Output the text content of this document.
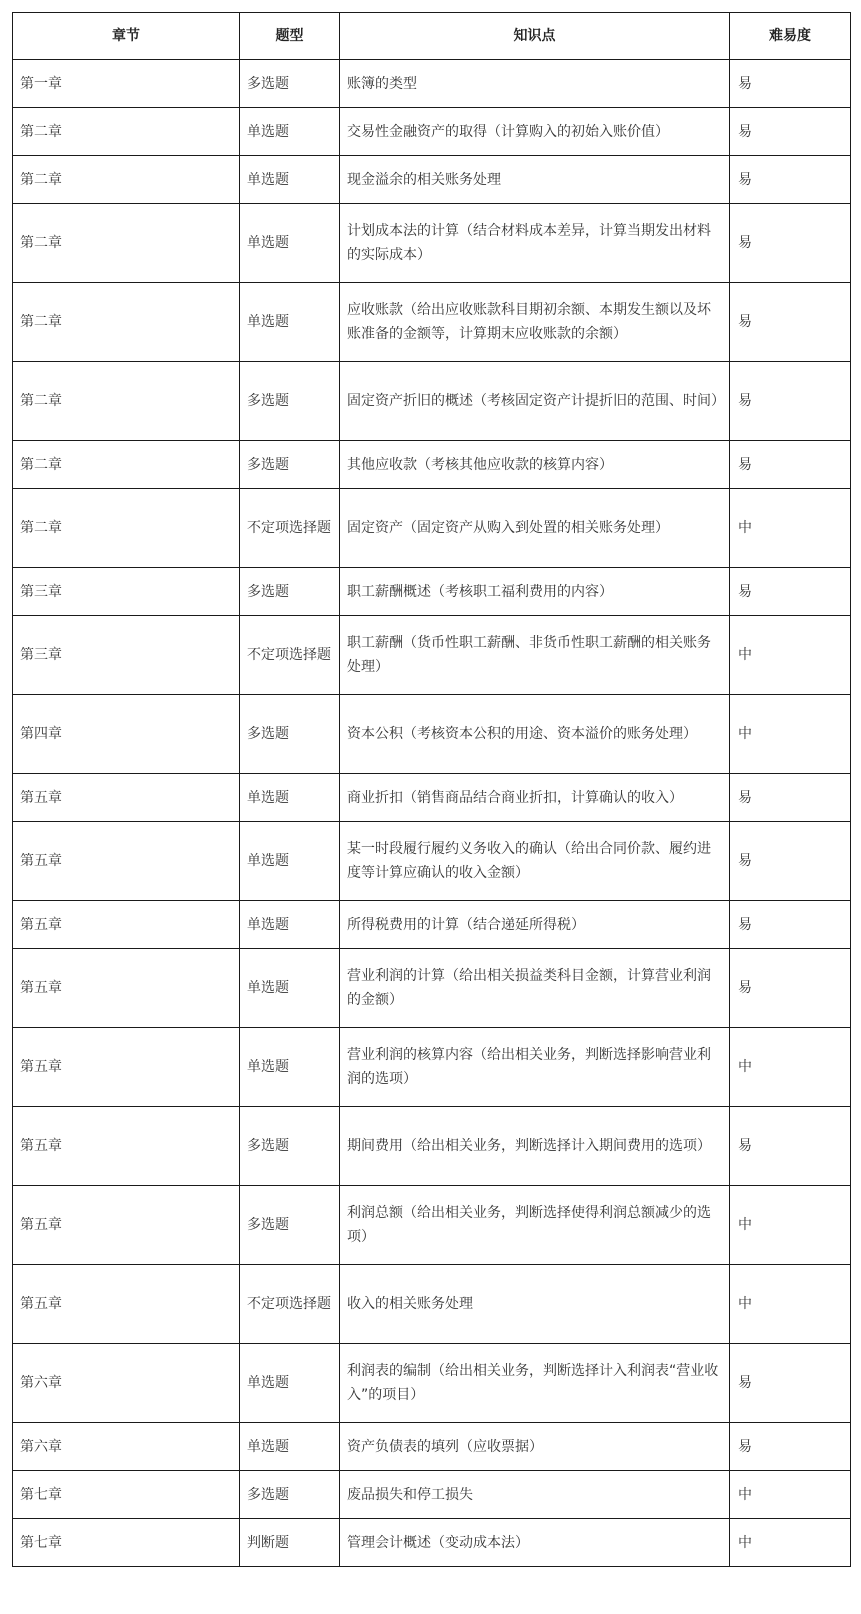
章节	题型	知识点	难易度
第一章	多选题	账簿的类型	易
第二章	单选题	交易性金融资产的取得（计算购入的初始入账价值）	易
第二章	单选题	现金溢余的相关账务处理	易
第二章	单选题	计划成本法的计算（结合材料成本差异，计算当期发出材料的实际成本）	易
第二章	单选题	应收账款（给出应收账款科目期初余额、本期发生额以及坏账准备的金额等，计算期末应收账款的余额）	易
第二章	多选题	固定资产折旧的概述（考核固定资产计提折旧的范围、时间）	易
第二章	多选题	其他应收款（考核其他应收款的核算内容）	易
第二章	不定项选择题	固定资产（固定资产从购入到处置的相关账务处理）	中
第三章	多选题	职工薪酬概述（考核职工福利费用的内容）	易
第三章	不定项选择题	职工薪酬（货币性职工薪酬、非货币性职工薪酬的相关账务处理）	中
第四章	多选题	资本公积（考核资本公积的用途、资本溢价的账务处理）	中
第五章	单选题	商业折扣（销售商品结合商业折扣，计算确认的收入）	易
第五章	单选题	某一时段履行履约义务收入的确认（给出合同价款、履约进度等计算应确认的收入金额）	易
第五章	单选题	所得税费用的计算（结合递延所得税）	易
第五章	单选题	营业利润的计算（给出相关损益类科目金额，计算营业利润的金额）	易
第五章	单选题	营业利润的核算内容（给出相关业务，判断选择影响营业利润的选项）	中
第五章	多选题	期间费用（给出相关业务，判断选择计入期间费用的选项）	易
第五章	多选题	利润总额（给出相关业务，判断选择使得利润总额减少的选项）	中
第五章	不定项选择题	收入的相关账务处理	中
第六章	单选题	利润表的编制（给出相关业务，判断选择计入利润表“营业收入”的项目）	易
第六章	单选题	资产负债表的填列（应收票据）	易
第七章	多选题	废品损失和停工损失	中
第七章	判断题	管理会计概述（变动成本法）	中
